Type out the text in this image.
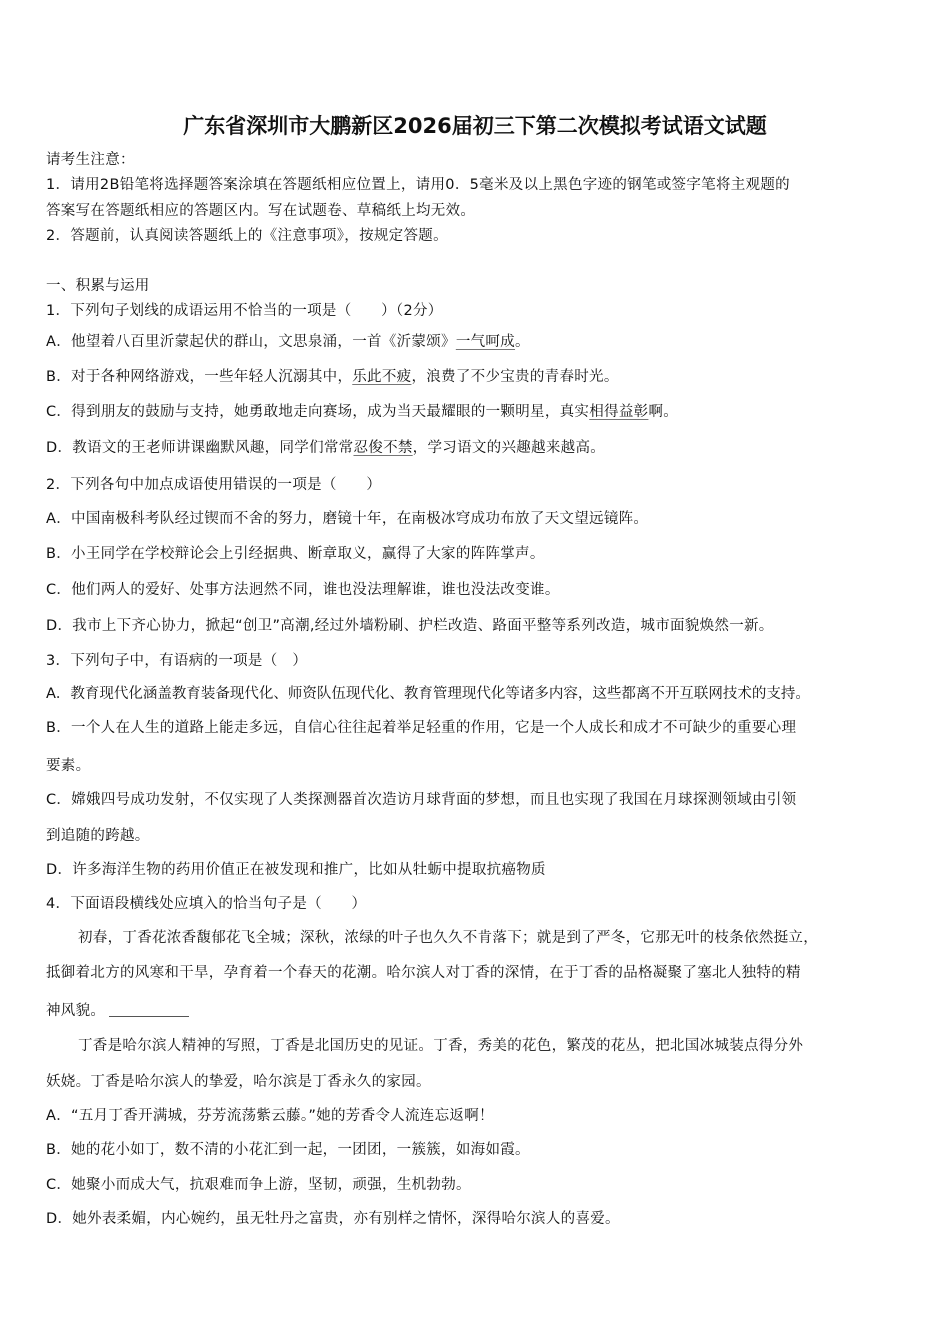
广东省深圳市大鹏新区2026届初三下第二次模拟考试语文试题
请考生注意：
1．请用2B铅笔将选择题答案涂填在答题纸相应位置上，请用0．5毫米及以上黑色字迹的钢笔或签字笔将主观题的
答案写在答题纸相应的答题区内。写在试题卷、草稿纸上均无效。
2．答题前，认真阅读答题纸上的《注意事项》，按规定答题。
一、积累与运用
1．下列句子划线的成语运用不恰当的一项是（　　）（2分）
A．他望着八百里沂蒙起伏的群山，文思泉涌，一首《沂蒙颂》一气呵成。
B．对于各种网络游戏，一些年轻人沉溺其中，乐此不疲，浪费了不少宝贵的青春时光。
C．得到朋友的鼓励与支持，她勇敢地走向赛场，成为当天最耀眼的一颗明星，真实相得益彰啊。
D．教语文的王老师讲课幽默风趣，同学们常常忍俊不禁，学习语文的兴趣越来越高。
2．下列各句中加点成语使用错误的一项是（　　）
A．中国南极科考队经过锲而不舍的努力，磨镜十年，在南极冰穹成功布放了天文望远镜阵。
B．小王同学在学校辩论会上引经据典、断章取义，赢得了大家的阵阵掌声。
C．他们两人的爱好、处事方法迥然不同，谁也没法理解谁，谁也没法改变谁。
D．我市上下齐心协力，掀起“创卫”高潮,经过外墙粉刷、护栏改造、路面平整等系列改造，城市面貌焕然一新。
3．下列句子中，有语病的一项是（　）
A．教育现代化涵盖教育装备现代化、师资队伍现代化、教育管理现代化等诸多内容，这些都离不开互联网技术的支持。
B．一个人在人生的道路上能走多远，自信心往往起着举足轻重的作用，它是一个人成长和成才不可缺少的重要心理
要素。
C．嫦娥四号成功发射，不仅实现了人类探测器首次造访月球背面的梦想，而且也实现了我国在月球探测领域由引领
到追随的跨越。
D．许多海洋生物的药用价值正在被发现和推广，比如从牡蛎中提取抗癌物质
4．下面语段横线处应填入的恰当句子是（　　）
初春，丁香花浓香馥郁花飞全城；深秋，浓绿的叶子也久久不肯落下；就是到了严冬，它那无叶的枝条依然挺立，
抵御着北方的风寒和干旱，孕育着一个春天的花潮。哈尔滨人对丁香的深情，在于丁香的品格凝聚了塞北人独特的精
神风貌。
丁香是哈尔滨人精神的写照，丁香是北国历史的见证。丁香，秀美的花色，繁茂的花丛，把北国冰城装点得分外
妖娆。丁香是哈尔滨人的挚爱，哈尔滨是丁香永久的家园。
A．“五月丁香开满城，芬芳流荡紫云藤。”她的芳香令人流连忘返啊！
B．她的花小如丁，数不清的小花汇到一起，一团团，一簇簇，如海如霞。
C．她聚小而成大气，抗艰难而争上游，坚韧，顽强，生机勃勃。
D．她外表柔媚，内心婉约，虽无牡丹之富贵，亦有别样之情怀，深得哈尔滨人的喜爱。
